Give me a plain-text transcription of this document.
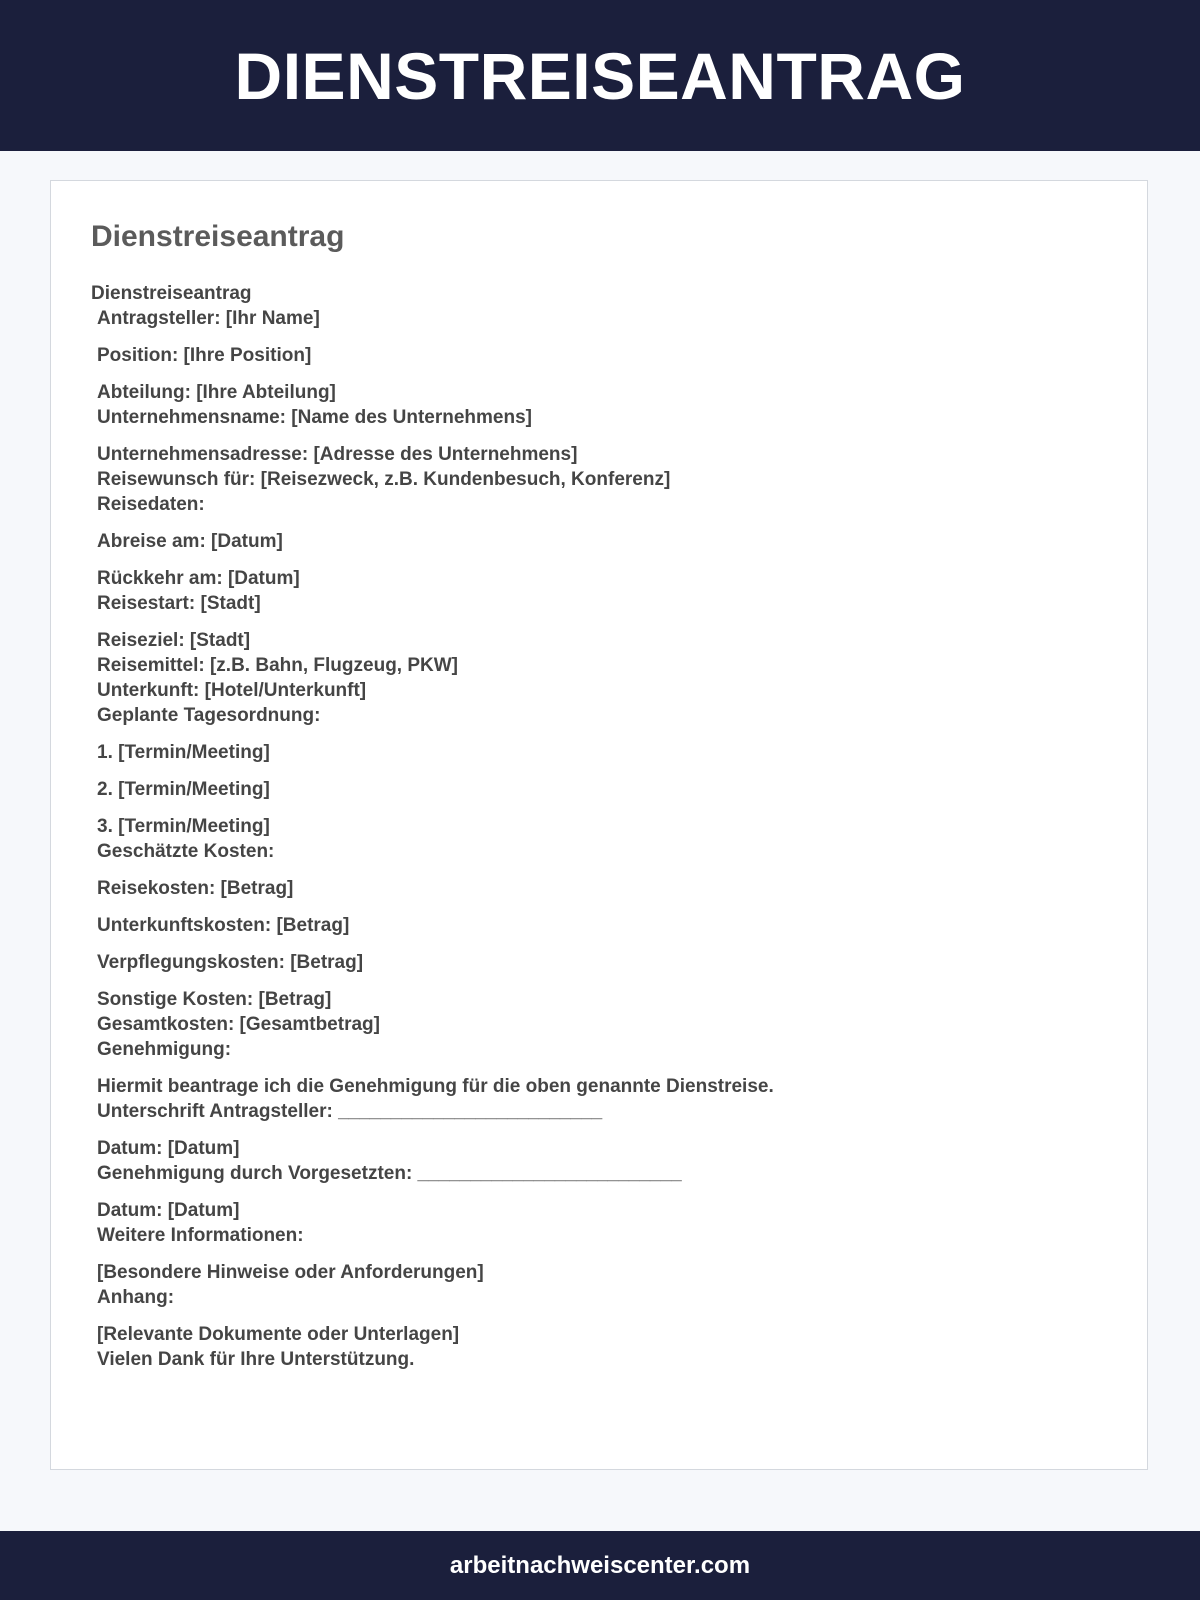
DIENSTREISEANTRAG
Dienstreiseantrag
Dienstreiseantrag
Antragsteller: [Ihr Name]
Position: [Ihre Position]
Abteilung: [Ihre Abteilung]
Unternehmensname: [Name des Unternehmens]
Unternehmensadresse: [Adresse des Unternehmens]
Reisewunsch für: [Reisezweck, z.B. Kundenbesuch, Konferenz]
Reisedaten:
Abreise am: [Datum]
Rückkehr am: [Datum]
Reisestart: [Stadt]
Reiseziel: [Stadt]
Reisemittel: [z.B. Bahn, Flugzeug, PKW]
Unterkunft: [Hotel/Unterkunft]
Geplante Tagesordnung:
1. [Termin/Meeting]
2. [Termin/Meeting]
3. [Termin/Meeting]
Geschätzte Kosten:
Reisekosten: [Betrag]
Unterkunftskosten: [Betrag]
Verpflegungskosten: [Betrag]
Sonstige Kosten: [Betrag]
Gesamtkosten: [Gesamtbetrag]
Genehmigung:
Hiermit beantrage ich die Genehmigung für die oben genannte Dienstreise.
Unterschrift Antragsteller: _________________________
Datum: [Datum]
Genehmigung durch Vorgesetzten: _________________________
Datum: [Datum]
Weitere Informationen:
[Besondere Hinweise oder Anforderungen]
Anhang:
[Relevante Dokumente oder Unterlagen]
Vielen Dank für Ihre Unterstützung.
arbeitnachweiscenter.com
